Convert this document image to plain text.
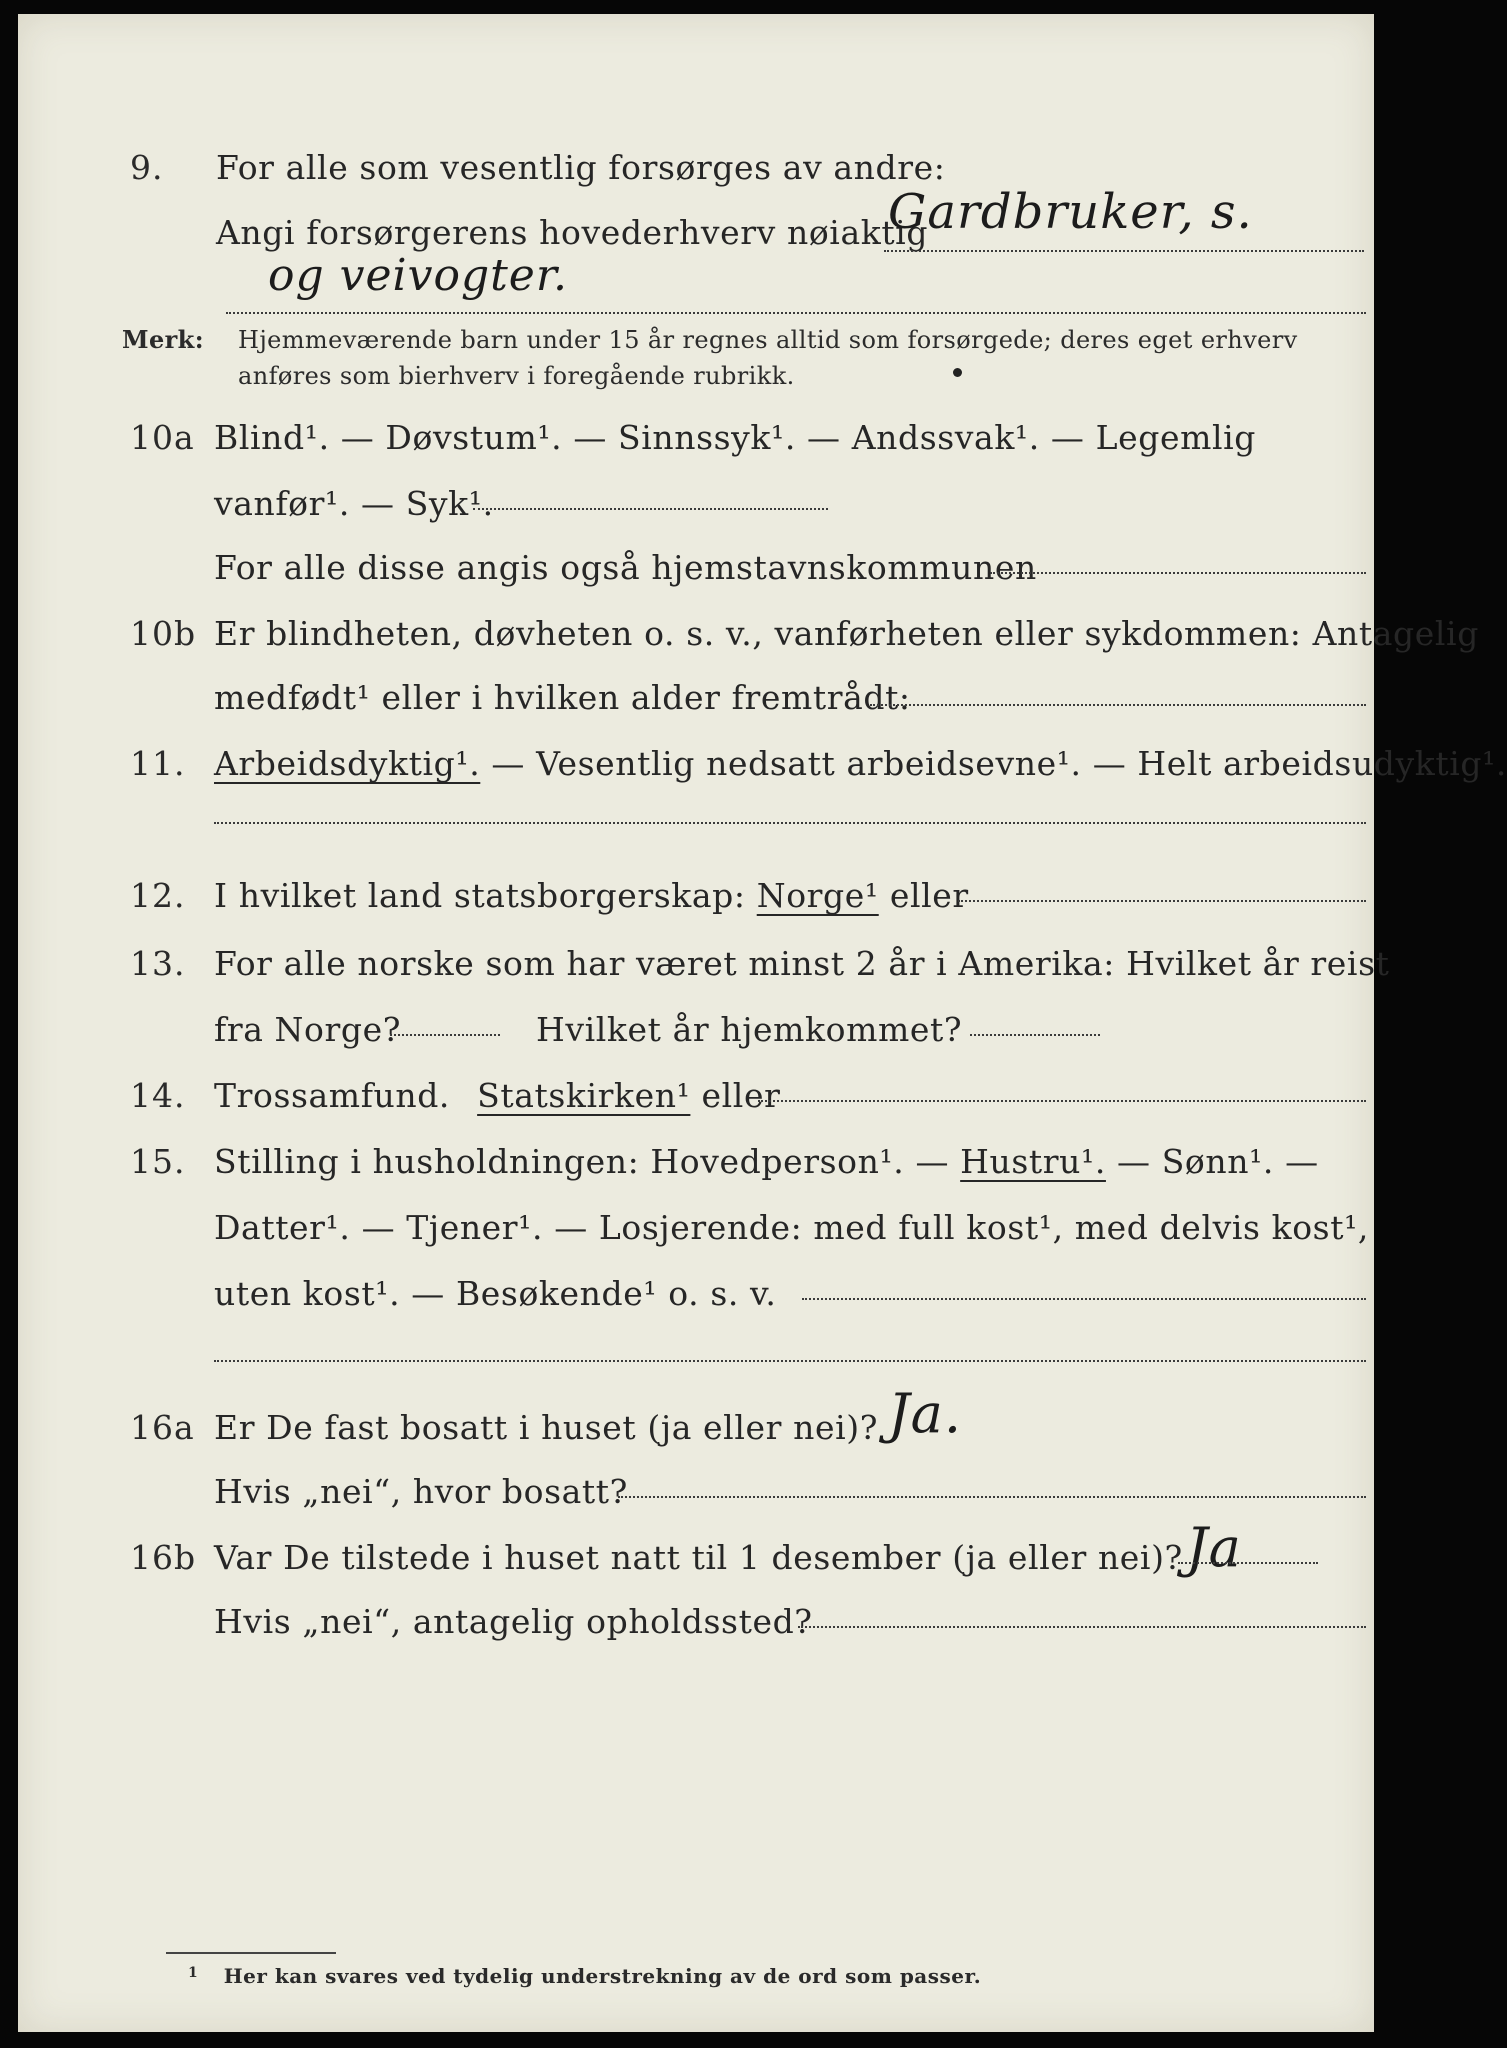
9. For alle som vesentlig forsørges av andre:
Angi forsørgerens hovederhverv nøiaktig
Gardbruker, s.
og veivogter.
Merk: Hjemmeværende barn under 15 år regnes alltid som forsørgede; deres eget erhverv
anføres som bierhverv i foregående rubrikk.
10a Blind¹. — Døvstum¹. — Sinnssyk¹. — Andssvak¹. — Legemlig
vanfør¹. — Syk¹.
For alle disse angis også hjemstavnskommunen
10b Er blindheten, døvheten o. s. v., vanførheten eller sykdommen: Antagelig
medfødt¹ eller i hvilken alder fremtrådt:
11. Arbeidsdyktig¹. — Vesentlig nedsatt arbeidsevne¹. — Helt arbeidsudyktig¹.
12. I hvilket land statsborgerskap: Norge¹ eller
13. For alle norske som har været minst 2 år i Amerika: Hvilket år reist
fra Norge?	Hvilket år hjemkommet?
14. Trossamfund. Statskirken¹ eller
15. Stilling i husholdningen: Hovedperson¹. — Hustru¹. — Sønn¹. —
Datter¹. — Tjener¹. — Losjerende: med full kost¹, med delvis kost¹,
uten kost¹. — Besøkende¹ o. s. v.
16a Er De fast bosatt i huset (ja eller nei)? Ja.
Hvis „nei“, hvor bosatt?
16b Var De tilstede i huset natt til 1 desember (ja eller nei)? Ja
Hvis „nei“, antagelig opholdssted?
$^1$ Her kan svares ved tydelig understrekning av de ord som passer.
